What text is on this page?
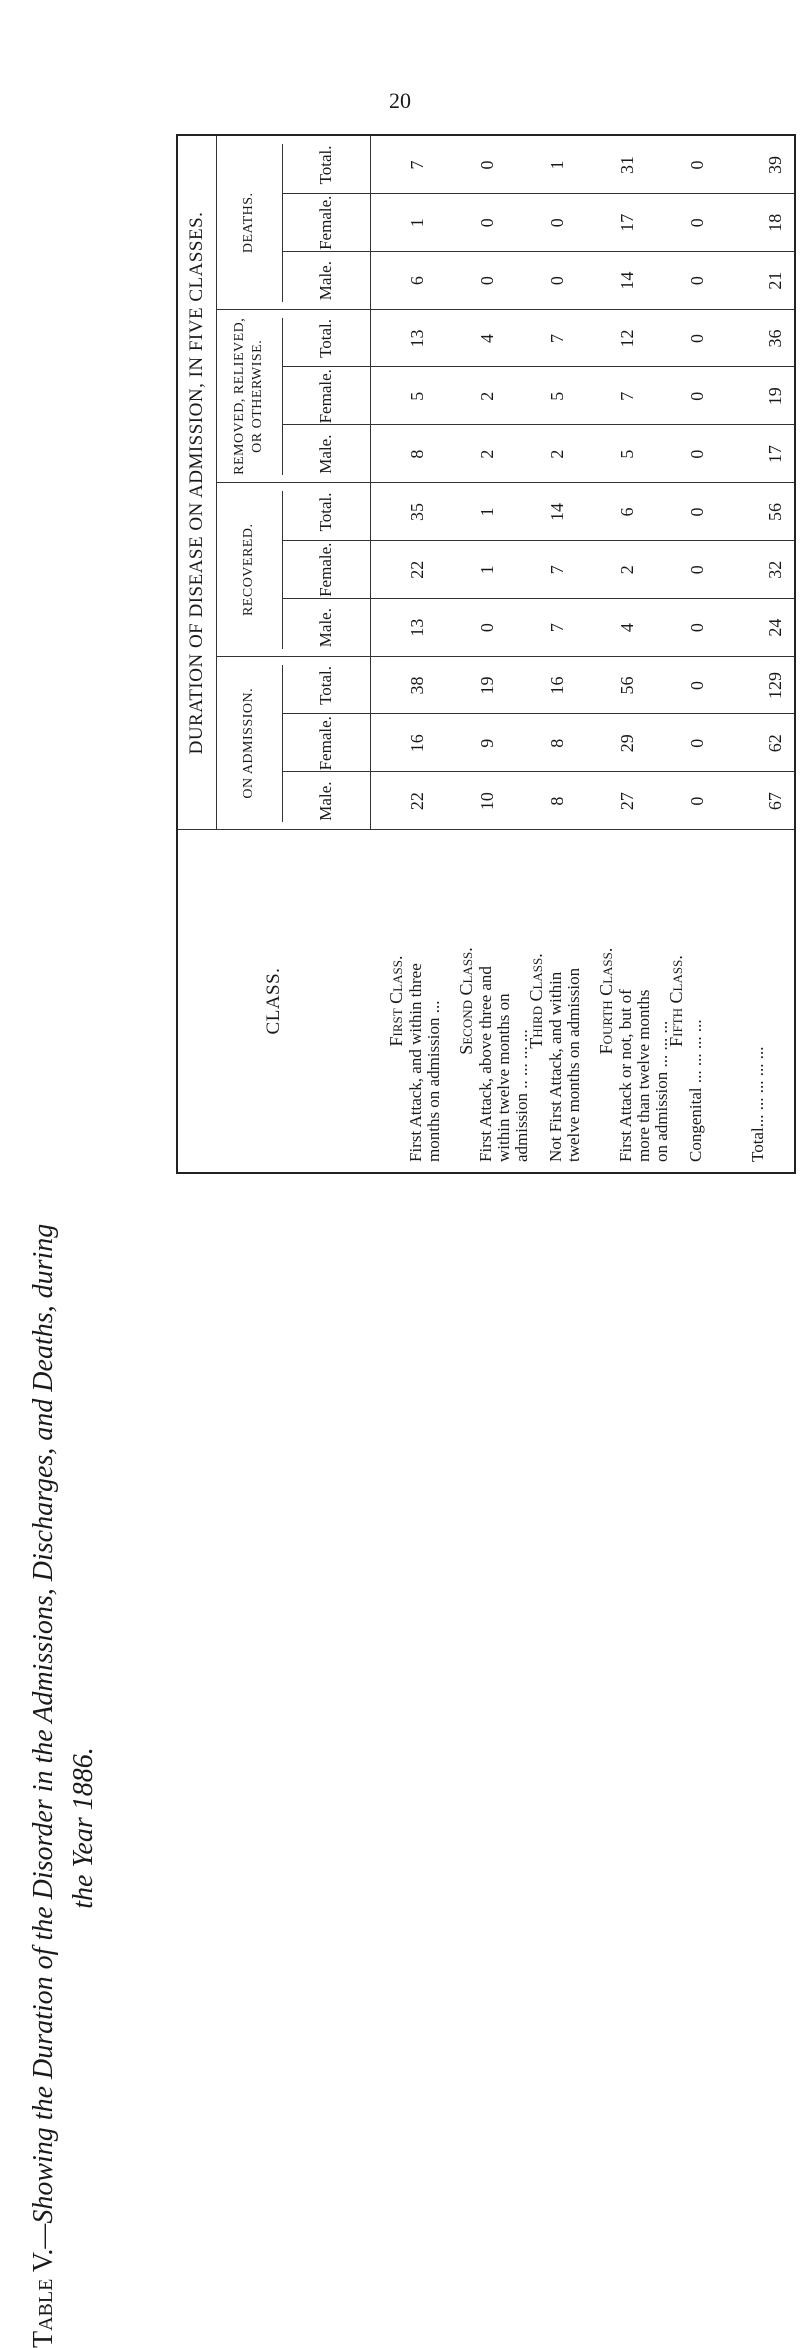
20
Table V.—Showing the Duration of the Disorder in the Admissions, Discharges, and Deaths, during the Year 1886.
DURATION OF DISEASE ON ADMISSION, IN FIVE CLASSES.
CLASS.
ON ADMISSION.
RECOVERED.
REMOVED, RELIEVED, OR OTHERWISE.
DEATHS.
Male.
Female.
Total.
Male.
Female.
Total.
Male.
Female.
Total.
Male.
Female.
Total.
First Class. First Attack, and within three months on admission ... Second Class. First Attack, above three and within twelve months on admission .. ... ... ...
Third Class. Not First Attack, and within twelve months on admission Fourth Class. First Attack or not, but of more than twelve months on admission ... ... ...
Fifth Class.
Congenital ... ... ... ...	Total... ... ... ... ...
22
16
38
13
22
35
8
5
13
6
1
7
10
9
19
0
1
1
2
2
4
0
0
0
8
8
16
7
7
14
2
5
7
0
0
1
27
29
56
4
2
6
5
7
12
14
17
31
0
0
0
0
0
0
0
0
0
0
0
0
67
62
129
24
32
56
17
19
36
21
18
39
